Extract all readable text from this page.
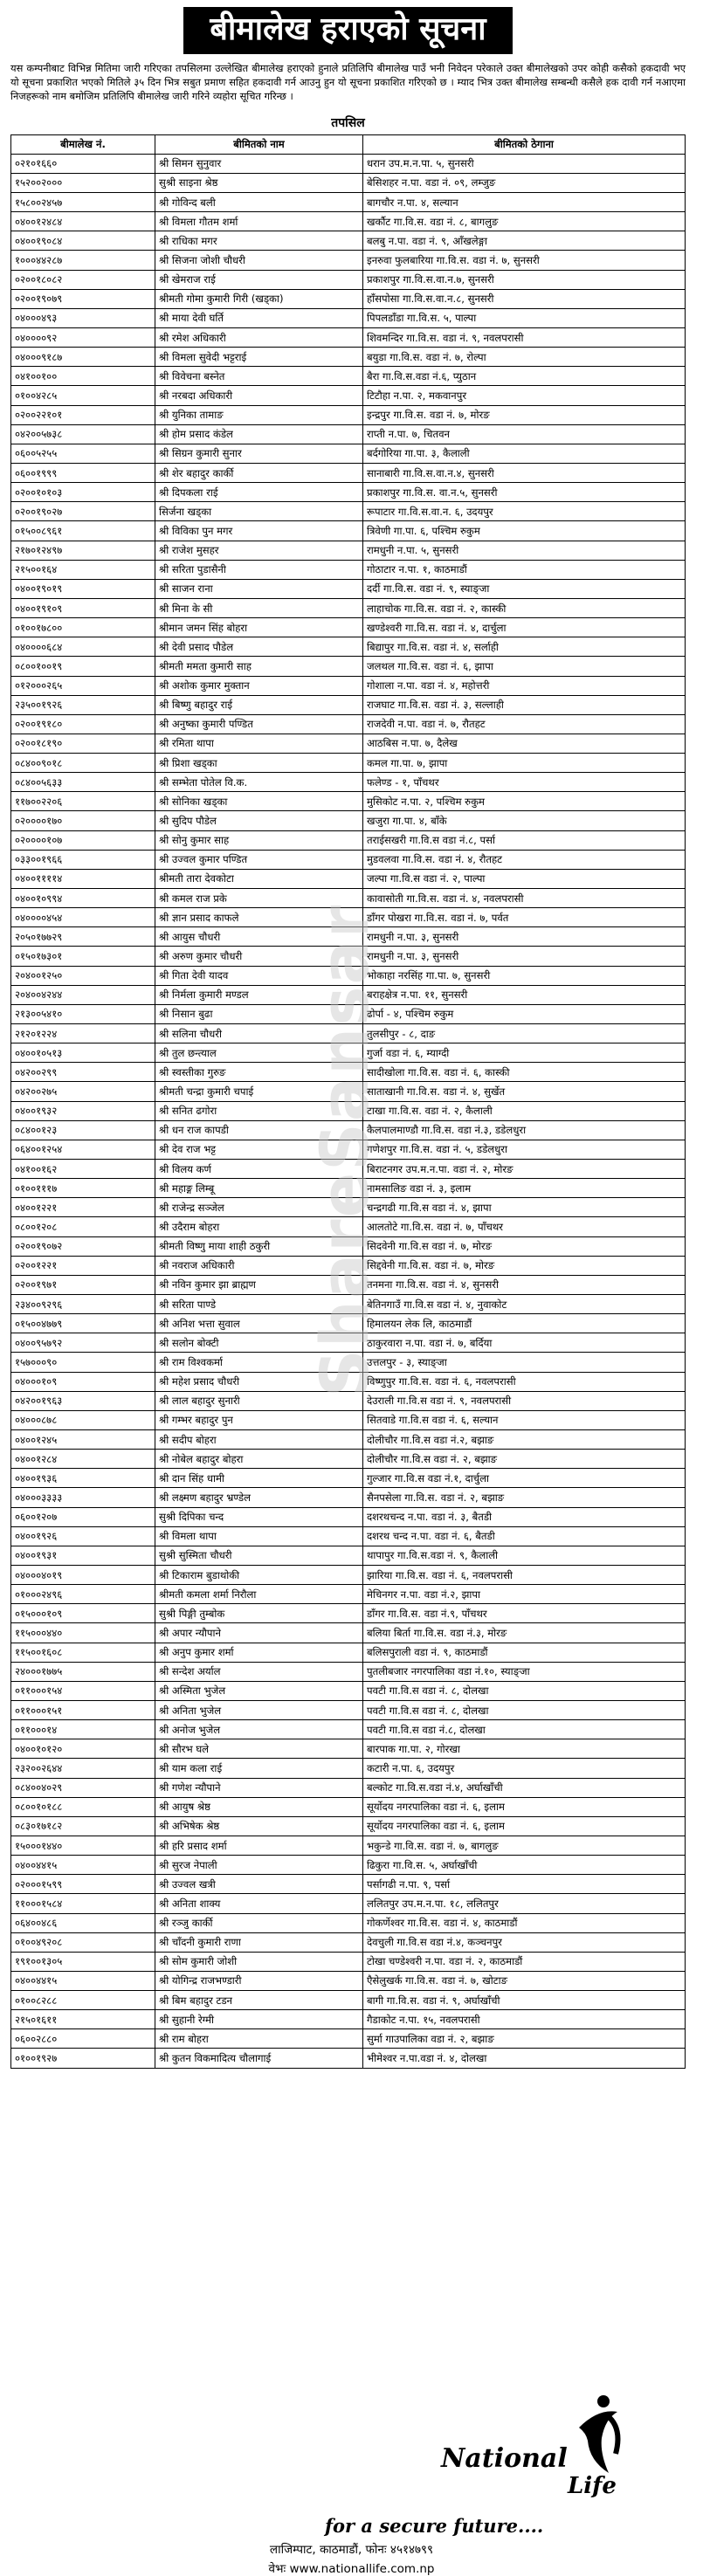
बीमालेख हराएको सूचना

यस कम्पनीबाट विभिन्न मितिमा जारी गरिएका तपसिलमा उल्लेखित बीमालेख हराएको हुनाले प्रतिलिपि बीमालेख पाउँ भनी निवेदन परेकाले उक्त बीमालेखको उपर कोही कसैको हकदावी भए यो सूचना प्रकाशित भएको मितिले ३५ दिन भित्र सबुत प्रमाण सहित हकदावी गर्न आउनु हुन यो सूचना प्रकाशित गरिएको छ । म्याद भित्र उक्त बीमालेख सम्बन्धी कसैले हक दावी गर्न नआएमा निजहरूको नाम बमोजिम प्रतिलिपि बीमालेख जारी गरिने व्यहोरा सूचित गरिन्छ ।

तपसिल
बीमालेख नं.	बीमितको नाम	बीमितको ठेगाना
०२१०१६६०	श्री सिमन सुनुवार	धरान उप.म.न.पा. ५, सुनसरी
१५२००२०००	सुश्री साइना श्रेष्ठ	बेसिशहर न.पा. वडा नं. ०९, लम्जुङ
१५८००२४५७	श्री गोविन्द बली	बागचौर न.पा. ४, सल्यान
०४००१२४८४	श्री विमला गौतम शर्मा	खर्कौट गा.वि.स. वडा नं. ८, बागलुङ
०४००१९०८४	श्री राधिका मगर	बलबु न.पा. वडा नं. ९, आँखलेङ्गा
१०००४४२८७	श्री सिजना जोशी चौधरी	इनरुवा फुलबारिया गा.वि.स. वडा नं. ७, सुनसरी
०२००१८०८२	श्री खेमराज राई	प्रकाशपुर गा.वि.स.वा.न.७, सुनसरी
०२००१९०७९	श्रीमती गोमा कुमारी गिरी (खड्का)	हाँसपोसा गा.वि.स.वा.न.८, सुनसरी
०४०००४९३	श्री माया देवी घर्ति	पिपलडाँडा गा.वि.स. ५, पाल्पा
०४००००९२	श्री रमेश अधिकारी	शिवमन्दिर गा.वि.स. वडा नं. ९, नवलपरासी
०४०००९१८७	श्री विमला सुवेदी भट्टराई	बयुडा गा.वि.स. वडा नं. ७, रोल्पा
०४१००१००	श्री विवेचना बस्नेत	बैरा गा.वि.स.वडा नं.६, प्युठान
०१००४२८५	श्री नरबदा अधिकारी	टिटौहा न.पा. २, मकवानपुर
०२००२२१०१	श्री युनिका तामाङ	इन्द्रपुर गा.वि.स. वडा नं. ७, मोरङ
०४२००५७३८	श्री होम प्रसाद कंडेल	राप्ती न.पा. ७, चितवन
०६००५२५५	श्री सिग्रन कुमारी सुनार	बर्दगोरिया गा.पा. ३, कैलाली
०६००१९९९	श्री शेर बहादुर कार्की	सानाबारी गा.वि.स.वा.न.४, सुनसरी
०२००१०१०३	श्री दिपकला राई	प्रकाशपुर गा.वि.स. वा.न.५, सुनसरी
०२००१९०२७	सिर्जना खड्का	रूपाटार गा.वि.स.वा.न. ६, उदयपुर
०१५००८९६१	श्री विविका पुन मगर	त्रिवेणी गा.पा. ६, पश्चिम रुकुम
२१७०१२४९७	श्री राजेश मुसहर	रामधुनी न.पा. ५, सुनसरी
२१५००१६४	श्री सरिता पुडासैनी	गोठाटार न.पा. १, काठमाडौं
०४००१९०१९	श्री साजन राना	दर्दी गा.वि.स. वडा नं. ९, स्याङ्जा
०४००१९१०९	श्री मिना के सी	लाहाचोक गा.वि.स. वडा नं. २, कास्की
०१००१७८००	श्रीमान जमन सिंह बोहरा	खण्डेश्वरी गा.वि.स. वडा नं. ४, दार्चुला
०४००००६८४	श्री देवी प्रसाद पौडेल	बिद्यापुर गा.वि.स. वडा नं. ४, सर्लाही
०८००१००१९	श्रीमती ममता कुमारी साह	जलथल गा.वि.स. वडा नं. ६, झापा
०१२०००२६५	श्री अशोक कुमार मुक्तान	गोशाला न.पा. वडा नं. ४, महोत्तरी
२३५००१९२६	श्री बिष्णु बहादुर राई	राजघाट गा.वि.स. वडा नं. ३, सल्लाही
०२००१९१८०	श्री अनुष्का कुमारी पण्डित	राजदेवी न.पा. वडा नं. ७, रौतहट
०२००१८१९०	श्री रमिता थापा	आठबिस न.पा. ७, दैलेख
०८४००९०१८	श्री प्रिशा खड्का	कमल गा.पा. ७, झापा
०८४००५६३३	श्री सम्भेता पोतेल वि.क.	फलेण्ड - १, पाँचथर
११७००२२०६	श्री सोनिका खड्का	मुसिकोट न.पा. २, पश्चिम रुकुम
०२००००१७०	श्री सुदिप पौडेल	खजुरा गा.पा. ४, बाँके
०२००००१०७	श्री सोनु कुमार साह	तराईसखरी गा.वि.स वडा नं.८, पर्सा
०३३००१९६६	श्री उज्वल कुमार पण्डित	मुडवलवा गा.वि.स. वडा नं. ४, रौतहट
०४००११११४	श्रीमती तारा देवकोटा	जल्पा गा.वि.स वडा नं. २, पाल्पा
०४००१०९९४	श्री कमल राज प्रके	कावासोती गा.वि.स. वडा नं. ४, नवलपरासी
०४००००४५४	श्री ज्ञान प्रसाद काफले	डाँगर पोखरा गा.वि.स. वडा नं. ७, पर्वत
२०५०१७७२९	श्री आयुस चौधरी	रामधुनी न.पा. ३, सुनसरी
०१५०१७३०१	श्री अरुण कुमार चौधरी	रामधुनी न.पा. ३, सुनसरी
२०४००१२५०	श्री गिता देवी यादव	भोकाहा नरसिंह गा.पा. ७, सुनसरी
२०४००४२४४	श्री निर्मला कुमारी मण्डल	बराहक्षेत्र न.पा. ११, सुनसरी
२१३००५४१०	श्री निसान बुढा	ढोर्पा - ४, पश्चिम रुकुम
२१२०१२२४	श्री सलिना चौधरी	तुलसीपुर - ८, दाङ
०४००१०५१३	श्री तुल छन्त्याल	गुर्जा वडा नं. ६, म्याग्दी
०४२००२९९	श्री स्वस्तीका गुरुङ	सादीखोला गा.वि.स. वडा नं. ६, कास्की
०४२००२७५	श्रीमती चन्द्रा कुमारी चपाई	साताखानी गा.वि.स. वडा नं. ४, सुर्खेत
०४००१९३२	श्री सनित ढगोरा	टाखा गा.वि.स. वडा नं. २, कैलाली
०८४००१२३	श्री धन राज कापडी	कैलपालमाण्डौ गा.वि.स. वडा नं.३, डडेलधुरा
०६४००१२५४	श्री देव राज भट्ट	गणेशपुर गा.वि.स. वडा नं. ५, डडेलधुरा
०४१००१६२	श्री विलय कर्ण	बिराटनगर उप.म.न.पा. वडा नं. २, मोरङ
०१००१११७	श्री महाङ्ग लिम्बू	नामसालिङ वडा नं. ३, इलाम
०४००१२२१	श्री राजेन्द्र सञ्जेल	चन्द्रगढी गा.वि.स वडा नं. ४, झापा
०८००१२०८	श्री उदैराम बोहरा	आलतोटे गा.वि.स. वडा नं. ७, पाँचथर
०२००१९०७२	श्रीमती विष्णु माया शाही ठकुरी	सिदवेनी गा.वि.स वडा नं. ७, मोरङ
०२००१२२१	श्री नवराज अधिकारी	सिद्दवेनी गा.वि.स. वडा नं. ७, मोरङ
०२००१९७१	श्री नविन कुमार झा ब्राह्मण	तनमना गा.वि.स. वडा नं. ४, सुनसरी
२३४००९२९६	श्री सरिता पाण्डे	बेतिनगाउँ गा.वि.स वडा नं. ४, नुवाकोट
०१५००४७७९	श्री अनिश भत्ता सुवाल	हिमालयन लेक लि, काठमाडौं
०४००९५७९२	श्री सलोन बोक्टी	ठाकुरवारा न.पा. वडा नं. ७, बर्दिया
१५७०००९०	श्री राम विश्वकर्मा	उत्तलपुर - ३, स्याङ्जा
०४०००१०९	श्री महेश प्रसाद चौधरी	विष्णुपुर गा.वि.स. वडा नं. ६, नवलपरासी
०४२००१९६३	श्री लाल बहादुर सुनारी	देउराली गा.वि.स वडा नं. ९, नवलपरासी
०४०००८७८	श्री गम्भर बहादुर पुन	सितवाडे गा.वि.स वडा नं. ६, सल्यान
०४००१२४५	श्री सदीप बोहरा	दोलीचौर गा.वि.स वडा नं.२, बझाङ
०४००१२८४	श्री नोबेल बहादुर बोहरा	दोलीचौर गा.वि.स वडा नं. २, बझाङ
०४००१९३६	श्री दान सिंह धामी	गुल्जार गा.वि.स वडा नं.१, दार्चुला
०४०००३३३३	श्री लक्ष्मण बहादुर भ्रण्डेल	सैनपसेला गा.वि.स. वडा नं. २, बझाङ
०६००१२०७	सुश्री दिपिका चन्द	दशरथचन्द न.पा. वडा नं. ३, बैतडी
०४००१९२६	श्री विमला थापा	दशरथ चन्द न.पा. वडा नं. ६, बैतडी
०४००१९३१	सुश्री सुस्मिता चौधरी	थापापुर गा.वि.स.वडा नं. ९, कैलाली
०४०००४०१९	श्री टिकाराम बुडाथोकी	झारिया गा.वि.स. वडा नं. ६, नवलपरासी
०१०००२४९६	श्रीमती कमला शर्मा निरौला	मेचिनगर न.पा. वडा नं.२, झापा
०१५०००१०९	सुश्री पिङ्गी तुम्बोक	डाँगर गा.वि.स. वडा नं.९, पाँचथर
११५०००४४०	श्री अपार न्यौपाने	बलिया बिर्ता गा.वि.स. वडा नं.३, मोरङ
११५००१६०८	श्री अनुप कुमार शर्मा	बलिसपुराली वडा नं. ९, काठमाडौं
२४०००१७७५	श्री सन्देश अर्याल	पुतलीबजार नगरपालिका वडा नं.१०, स्याङ्जा
०११०००१५४	श्री अस्मिता भुजेल	पवटी गा.वि.स वडा नं. ८, दोलखा
०११०००१५१	श्री अनिता भुजेल	पवटी गा.वि.स वडा नं. ८, दोलखा
०११०००१४	श्री अनोज भुजेल	पवटी गा.वि.स वडा नं.८, दोलखा
०४००१०१२०	श्री सौरभ घले	बारपाक गा.पा. २, गोरखा
२३२००२६४४	श्री याम कला राई	कटारी न.पा. ६, उदयपुर
०८४००४०२९	श्री गणेश न्यौपाने	बल्कोट गा.वि.स.वडा नं.४, अर्घाखाँची
०८००१०१८८	श्री आयुष श्रेष्ठ	सूर्योदय नगरपालिका वडा नं. ६, इलाम
०८३०१७१८२	श्री अभिषेक श्रेष्ठ	सूर्योदय नगरपालिका वडा नं. ६, इलाम
१५०००१४४०	श्री हरि प्रसाद शर्मा	भकुन्डे गा.वि.स. वडा नं. ७, बागलुङ
०४००४४१५	श्री सुरज नेपाली	ढिकुरा गा.वि.स. ५, अर्घाखाँची
०२०००१५९९	श्री उज्वल खत्री	पर्सागढी न.पा. ९, पर्सा
११०००१५८४	श्री अनिता शाक्य	ललितपुर उप.म.न.पा. १८, ललितपुर
०६४००४८६	श्री रञ्जु कार्की	गोकर्णेश्वर गा.वि.स. वडा नं. ४, काठमाडौं
०१००४९२०८	श्री चाँदनी कुमारी राणा	देवचुली गा.वि.स वडा नं.४, कञ्चनपुर
१९१००१३०५	श्री सोम कुमारी जोशी	टोखा चण्डेश्वरी न.पा. वडा नं. २, काठमाडौं
०४००४४१५	श्री योगिन्द्र राजभण्डारी	एैसेलुखर्क गा.वि.स. वडा नं. ७, खोटाङ
०१००८२८८	श्री बिम बहादुर टडन	बागी गा.वि.स. वडा नं. ९, अर्घाखाँची
२१५०१६११	श्री सुहानी रेग्मी	गैडाकोट न.पा. १५, नवलपरासी
०६००२८८०	श्री राम बोहरा	सुर्मा गाउपालिका वडा नं. २, बझाङ
०१००१९२७	श्री कुतन विकमादित्य चौलागाई	भीमेश्वर न.पा.वडा नं. ४, दोलखा
ShareSansar
National
Life
for a secure future....
लाजिम्पाट, काठमाडौं, फोनः ४५१४७९९
वेभः www.nationallife.com.np
